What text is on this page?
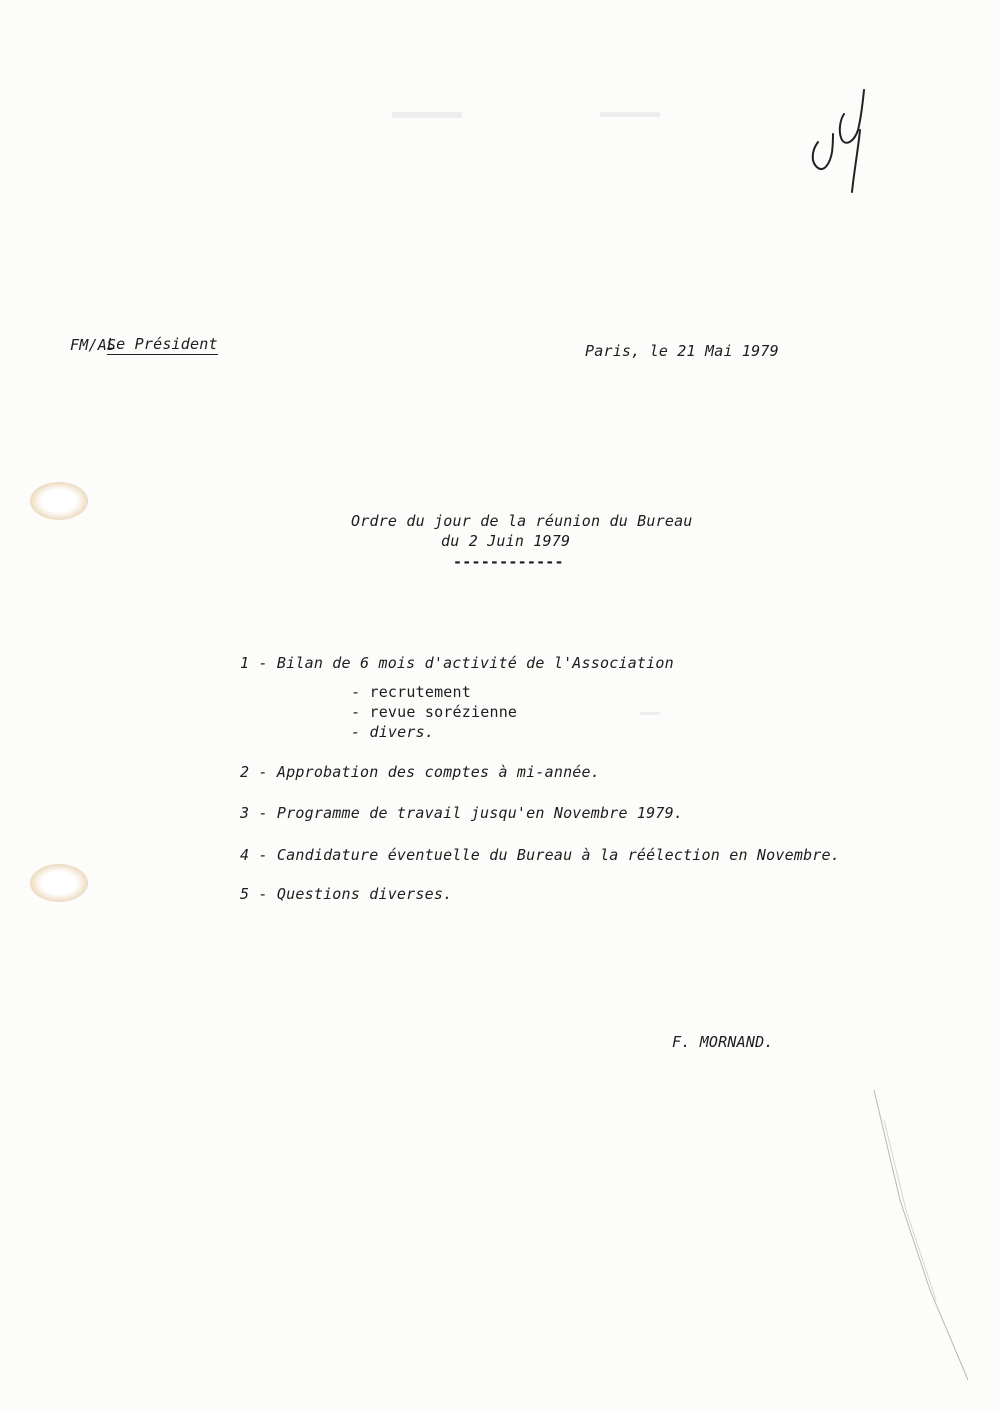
Le Président

FM/AS	Paris, le 21 Mai 1979
Ordre du jour de la réunion du Bureau
du 2 Juin 1979
------------
1 - Bilan de 6 mois d'activité de l'Association
- recrutement
- revue sorézienne
- divers.
2 - Approbation des comptes à mi-année.
3 - Programme de travail jusqu'en Novembre 1979.
4 - Candidature éventuelle du Bureau à la réélection en Novembre.
5 - Questions diverses.
F. MORNAND.
